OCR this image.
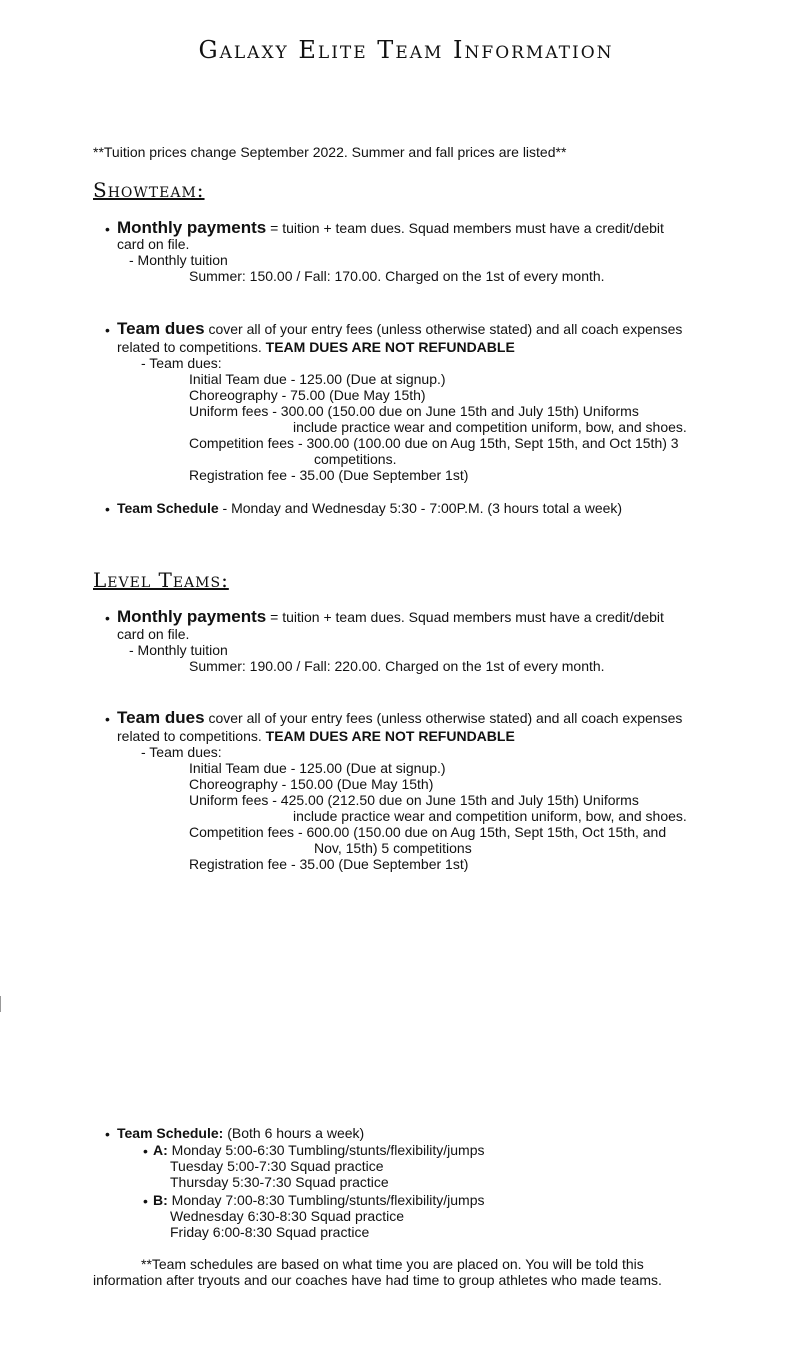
Galaxy Elite Team Information
**Tuition prices change September 2022. Summer and fall prices are listed**
Showteam:
• Monthly payments = tuition + team dues. Squad members must have a credit/debit
card on file.
- Monthly tuition
Summer: 150.00 / Fall: 170.00. Charged on the 1st of every month.
• Team dues cover all of your entry fees (unless otherwise stated) and all coach expenses
related to competitions. TEAM DUES ARE NOT REFUNDABLE
- Team dues:
Initial Team due - 125.00 (Due at signup.)
Choreography - 75.00 (Due May 15th)
Uniform fees - 300.00 (150.00 due on June 15th and July 15th) Uniforms
include practice wear and competition uniform, bow, and shoes.
Competition fees - 300.00 (100.00 due on Aug 15th, Sept 15th, and Oct 15th) 3
competitions.
Registration fee - 35.00 (Due September 1st)
• Team Schedule - Monday and Wednesday 5:30 - 7:00P.M. (3 hours total a week)
Level Teams:
• Monthly payments = tuition + team dues. Squad members must have a credit/debit
card on file.
- Monthly tuition
Summer: 190.00 / Fall: 220.00. Charged on the 1st of every month.
• Team dues cover all of your entry fees (unless otherwise stated) and all coach expenses
related to competitions. TEAM DUES ARE NOT REFUNDABLE
- Team dues:
Initial Team due - 125.00 (Due at signup.)
Choreography - 150.00 (Due May 15th)
Uniform fees - 425.00 (212.50 due on June 15th and July 15th) Uniforms
include practice wear and competition uniform, bow, and shoes.
Competition fees - 600.00 (150.00 due on Aug 15th, Sept 15th, Oct 15th, and
Nov, 15th) 5 competitions
Registration fee - 35.00 (Due September 1st)
• Team Schedule: (Both 6 hours a week)
• A: Monday 5:00-6:30 Tumbling/stunts/flexibility/jumps
Tuesday 5:00-7:30 Squad practice
Thursday 5:30-7:30 Squad practice
• B: Monday 7:00-8:30 Tumbling/stunts/flexibility/jumps
Wednesday 6:30-8:30 Squad practice
Friday 6:00-8:30 Squad practice
**Team schedules are based on what time you are placed on. You will be told this
information after tryouts and our coaches have had time to group athletes who made teams.
